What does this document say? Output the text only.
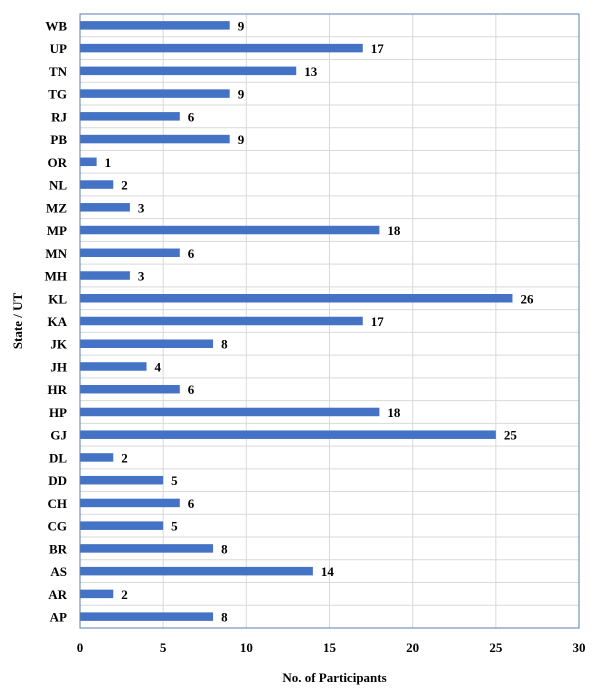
9
17
13
9
6
9
1
2
3
18
6
3
26
17
8
4
6
18
25
2
5
6
5
8
14
2
8
WB
UP
TN
TG
RJ
PB
OR
NL
MZ
MP
MN
MH
KL
KA
JK
JH
HR
HP
GJ
DL
DD
CH
CG
BR
AS
AR
AP
0	5	10	15	20	25	30
No. of Participants
State / UT
